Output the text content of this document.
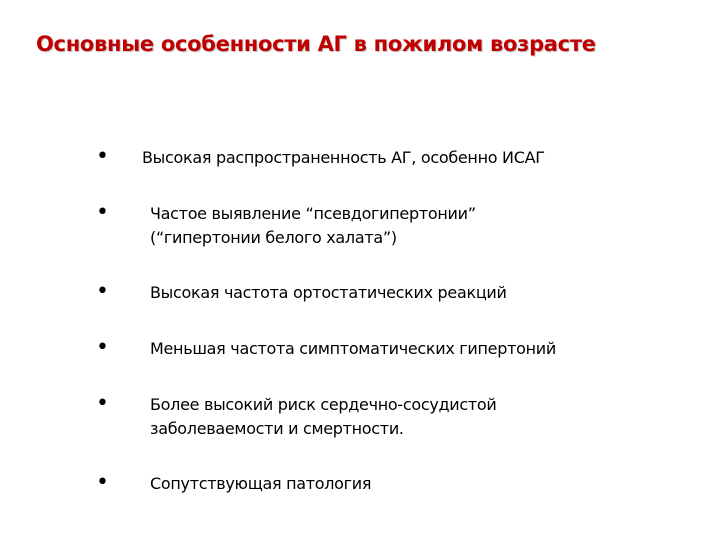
Основные особенности АГ в пожилом возрасте
• Высокая распространенность АГ, особенно ИСАГ
•	Частое выявление “псевдогипертонии”
(“гипертонии белого халата”)
•	Высокая частота ортостатических реакций
•	Меньшая частота симптоматических гипертоний
•	Более высокий риск сердечно-сосудистой
заболеваемости и смертности.
•	Сопутствующая патология
